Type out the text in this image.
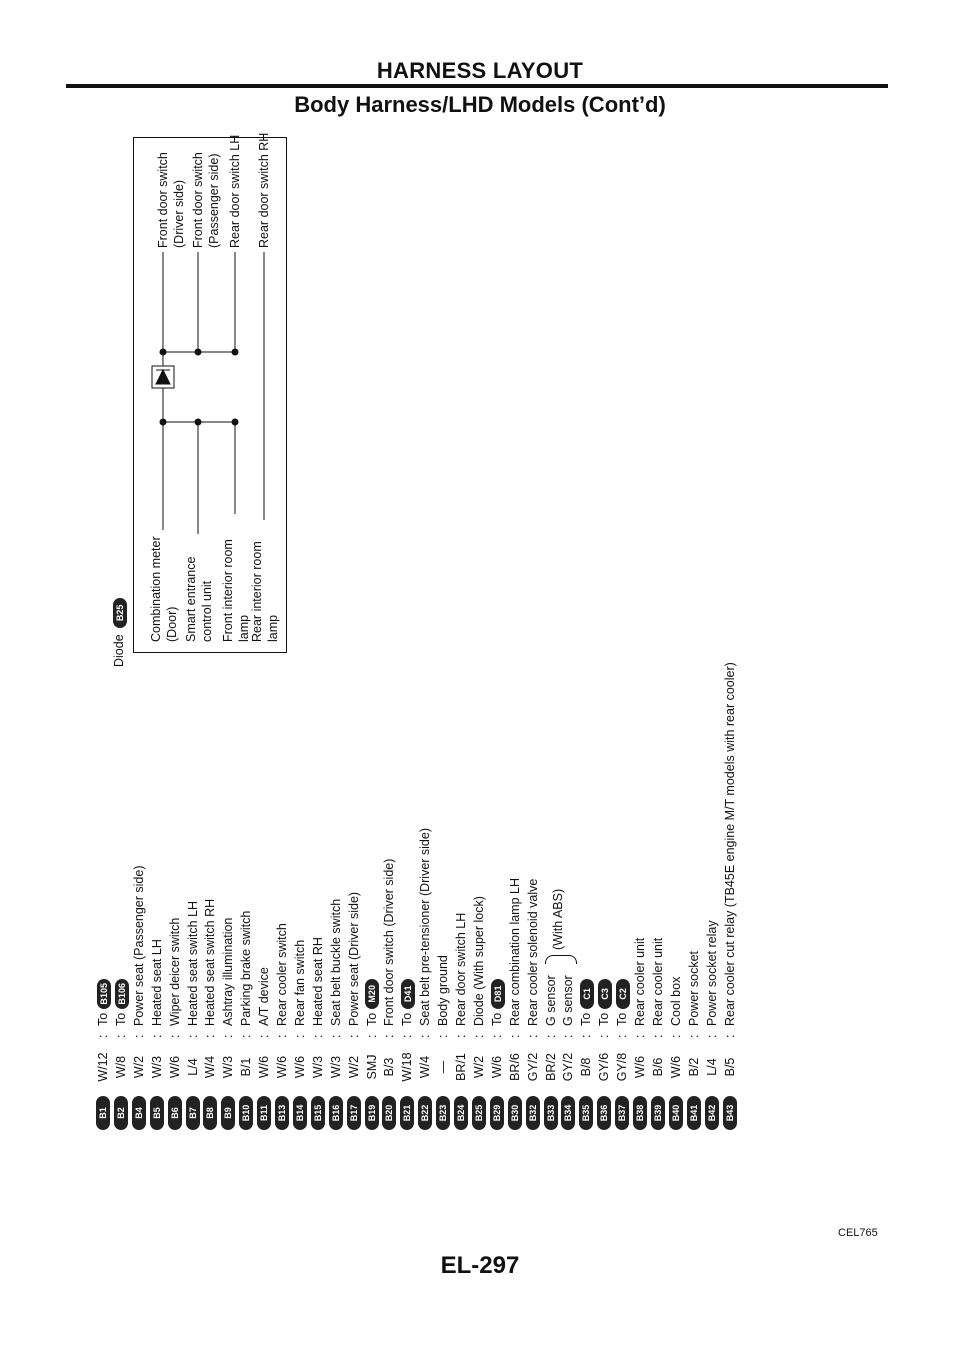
HARNESS LAYOUT
Body Harness/LHD Models (Cont’d)
B1
W/12
:
ToB105
B2
W/8
:
ToB106
B4
W/2
:
Power seat (Passenger side)
B5
W/3
:
Heated seat LH
B6
W/6
:
Wiper deicer switch
B7
L/4
:
Heated seat switch LH
B8
W/4
:
Heated seat switch RH
B9
W/3
:
Ashtray illumination
B10
B/1
:
Parking brake switch
B11
W/6
:
A/T device
B13
W/6
:
Rear cooler switch
B14
W/6
:
Rear fan switch
B15
W/3
:
Heated seat RH
B16
W/3
:
Seat belt buckle switch
B17
W/2
:
Power seat (Driver side)
B19
SMJ
:
ToM20
B20
B/3
:
Front door switch (Driver side)
B21
W/18
:
ToD41
B22
W/4
:
Seat belt pre-tensioner (Driver side)
B23
—
:
Body ground
B24
BR/1
:
Rear door switch LH
B25
W/2
:
Diode (With super lock)
B29
W/6
:
ToD81
B30
BR/6
:
Rear combination lamp LH
B32
GY/2
:
Rear cooler solenoid valve
B33
BR/2
:
G sensor
B34
GY/2
:
G sensor
B35
B/8
:
ToC1
B36
GY/6
:
ToC3
B37
GY/8
:
ToC2
B38
W/6
:
Rear cooler unit
B39
B/6
:
Rear cooler unit
B40
W/6
:
Cool box
B41
B/2
:
Power socket
B42
L/4
:
Power socket relay
B43
B/5
:
Rear cooler cut relay (TB45E engine M/T models with rear cooler)
(With ABS)
Diode B25 Combination meter (Door) Smart entrance control unit Front interior room lamp Rear interior room lamp
Front door switch (Driver side) Front door switch (Passenger side) Rear door switch LH Rear door switch RH
CEL765
EL-297
